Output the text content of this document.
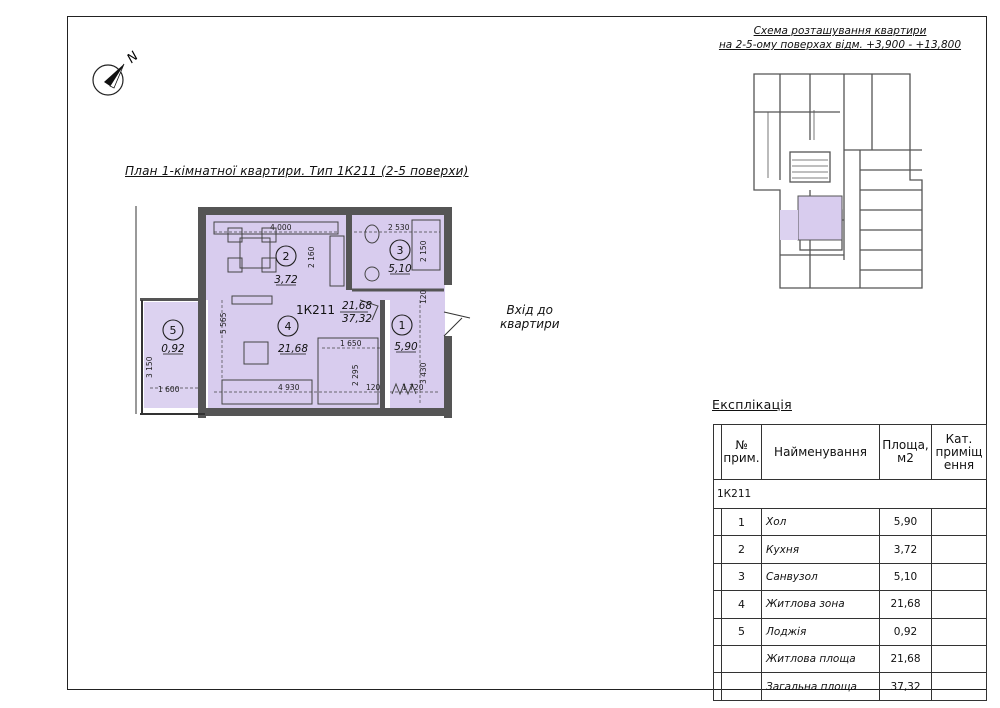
N
План 1-кімнатної квартири. Тип 1К211 (2-5 поверхи)
Схема розташування квартири
на 2-5-ому поверхах відм. +3,900 - +13,800
2	3
4	1
5
3,72
5,10
21,68	5,90
0,92
1К211 21,68
37,32
4 000	2 530
2 160	2 150
120
3 430
5 565
1 650
2 295
4 930	120	1 720
1 600
3 150
Вхід до
квартири
Експлікація
	№ прим.	Найменування	Площа, м2	Кат. приміщ ення
1К211				
	1	Хол	5,90	
	2	Кухня	3,72	
	3	Санвузол	5,10	
	4	Житлова зона	21,68	
	5	Лоджія	0,92	
		Житлова площа	21,68	
		Загальна площа	37,32	
